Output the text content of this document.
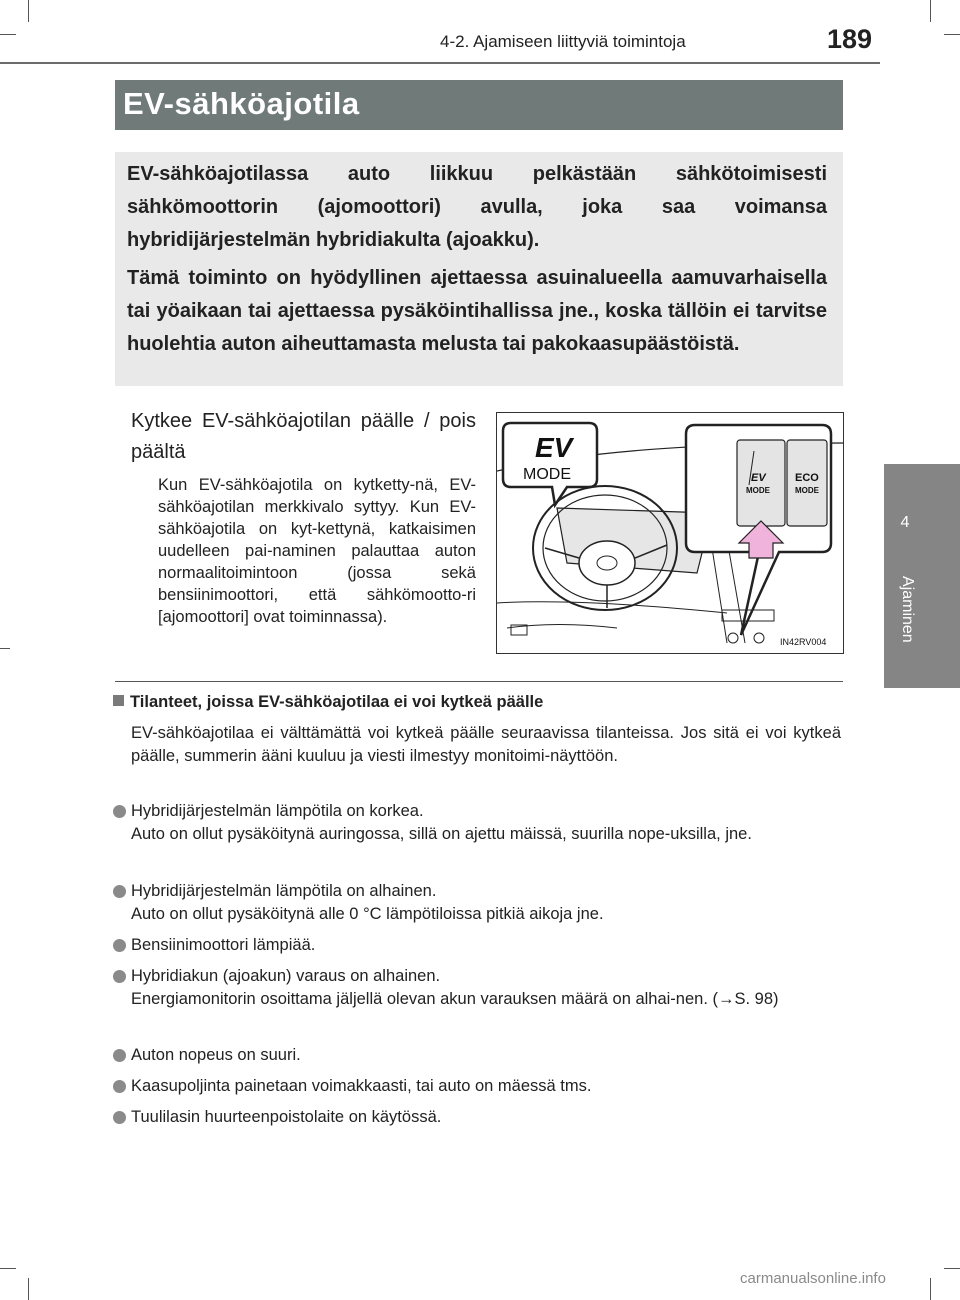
4-2. Ajamiseen liittyviä toimintoja	189
4
Ajaminen
EV-sähköajotila

EV-sähköajotilassa auto liikkuu pelkästään sähkötoimisesti sähkömoottorin (ajomoottori) avulla, joka saa voimansa hybridijärjestelmän hybridiakulta (ajoakku).

Tämä toiminto on hyödyllinen ajettaessa asuinalueella aamuvarhaisella tai yöaikaan tai ajettaessa pysäköintihallissa jne., koska tällöin ei tarvitse huolehtia auton aiheuttamasta melusta tai pakokaasupäästöistä.

Kytkee EV-sähköajotilan päälle / pois päältä
Kun EV-sähköajotila on kytketty-nä, EV-sähköajotilan merkkivalo syttyy. Kun EV-sähköajotila on kyt-kettynä, katkaisimen uudelleen pai-naminen palauttaa auton normaalitoimintoon (jossa sekä bensiinimoottori, että sähkömootto-ri [ajomoottori] ovat toiminnassa).
EV
MODE	EV
MODE
ECO
MODE
IN42RV004
Tilanteet, joissa EV-sähköajotilaa ei voi kytkeä päälle
EV-sähköajotilaa ei välttämättä voi kytkeä päälle seuraavissa tilanteissa. Jos sitä ei voi kytkeä päälle, summerin ääni kuuluu ja viesti ilmestyy monitoimi-näyttöön.
Hybridijärjestelmän lämpötila on korkea.
Auto on ollut pysäköitynä auringossa, sillä on ajettu mäissä, suurilla nope-uksilla, jne.
Hybridijärjestelmän lämpötila on alhainen.
Auto on ollut pysäköitynä alle 0 °C lämpötiloissa pitkiä aikoja jne.
Bensiinimoottori lämpiää.
Hybridiakun (ajoakun) varaus on alhainen.
Energiamonitorin osoittama jäljellä olevan akun varauksen määrä on alhai-nen. (→S. 98)
Auton nopeus on suuri.
Kaasupoljinta painetaan voimakkaasti, tai auto on mäessä tms.
Tuulilasin huurteenpoistolaite on käytössä.
carmanualsonline.info
